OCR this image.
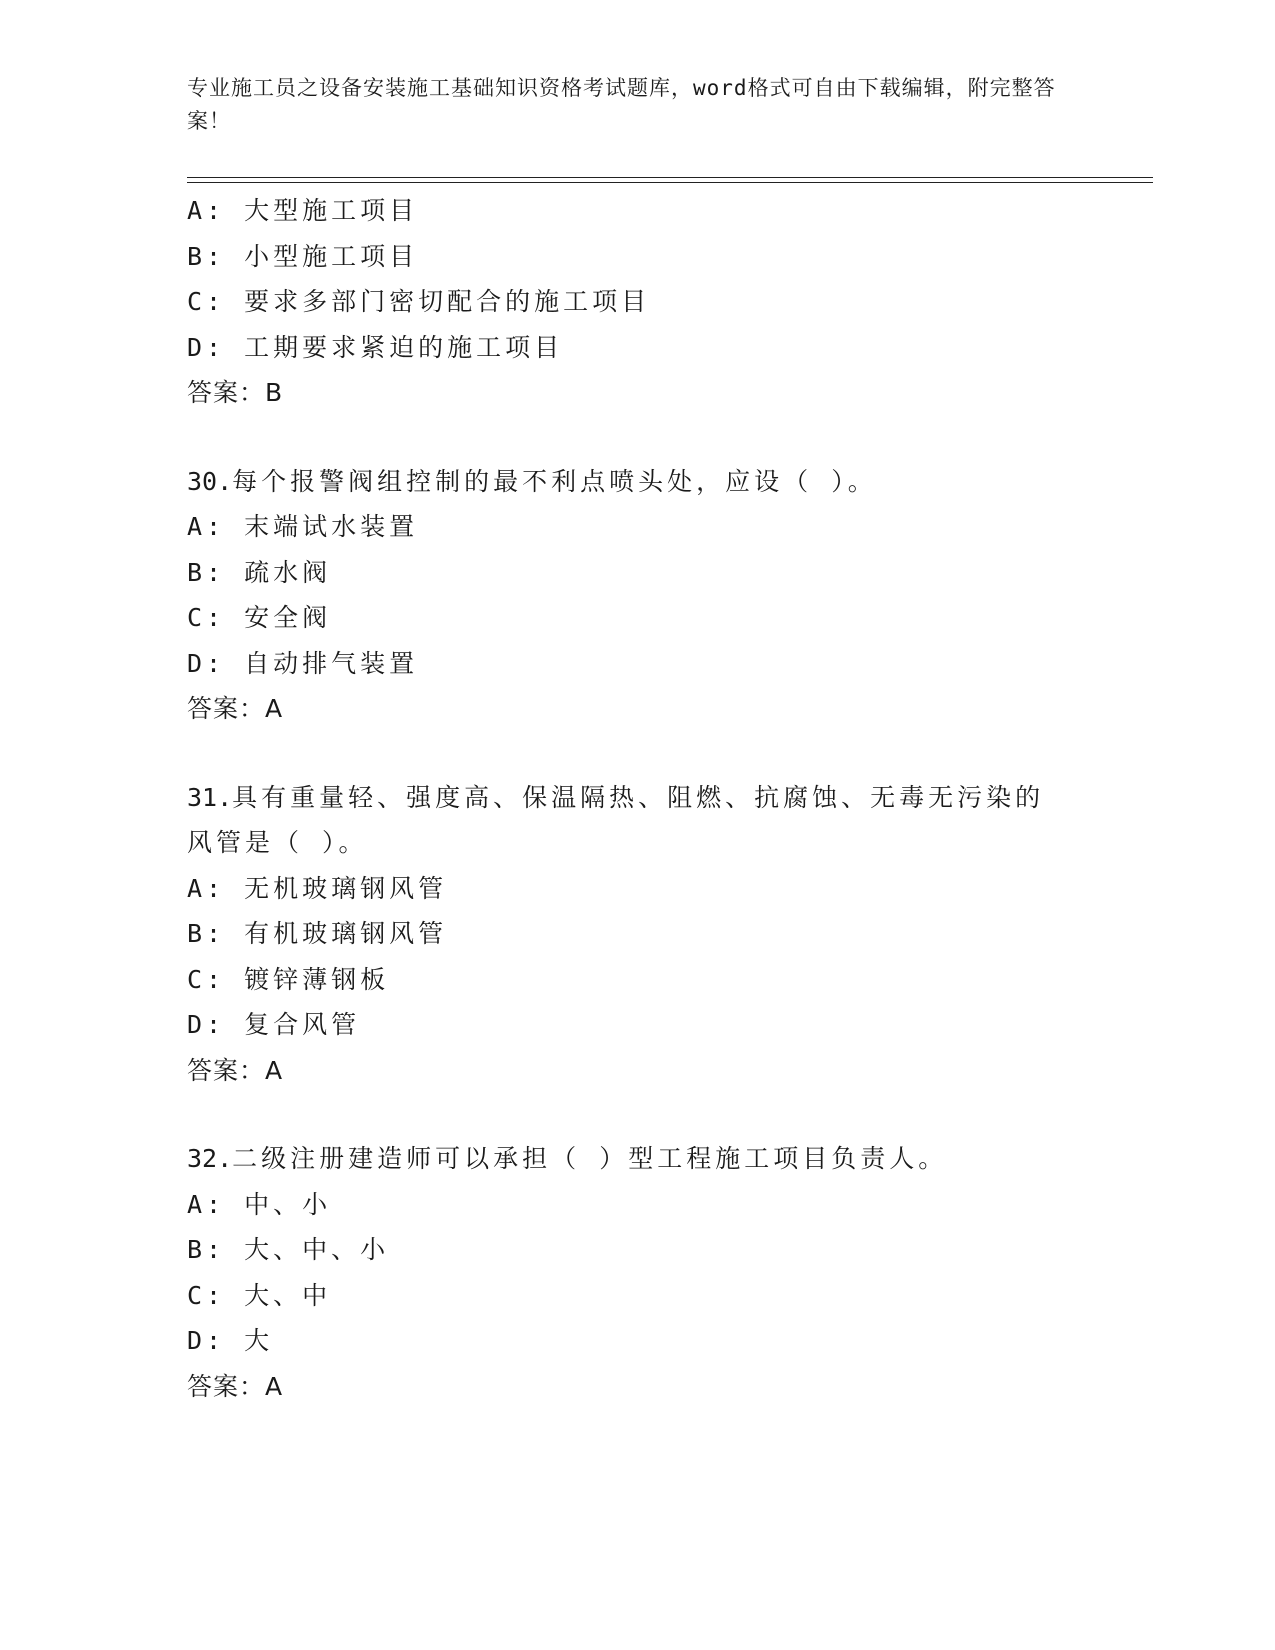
专业施工员之设备安装施工基础知识资格考试题库，word格式可自由下载编辑，附完整答案！
A: 大型施工项目
B: 小型施工项目
C: 要求多部门密切配合的施工项目
D: 工期要求紧迫的施工项目
答案：B
30.每个报警阀组控制的最不利点喷头处，应设（ ）。
A: 末端试水装置
B: 疏水阀
C: 安全阀
D: 自动排气装置
答案：A
31.具有重量轻、强度高、保温隔热、阻燃、抗腐蚀、无毒无污染的风管是（ ）。
A: 无机玻璃钢风管
B: 有机玻璃钢风管
C: 镀锌薄钢板
D: 复合风管
答案：A
32.二级注册建造师可以承担（ ）型工程施工项目负责人。
A: 中、小
B: 大、中、小
C: 大、中
D: 大
答案：A
